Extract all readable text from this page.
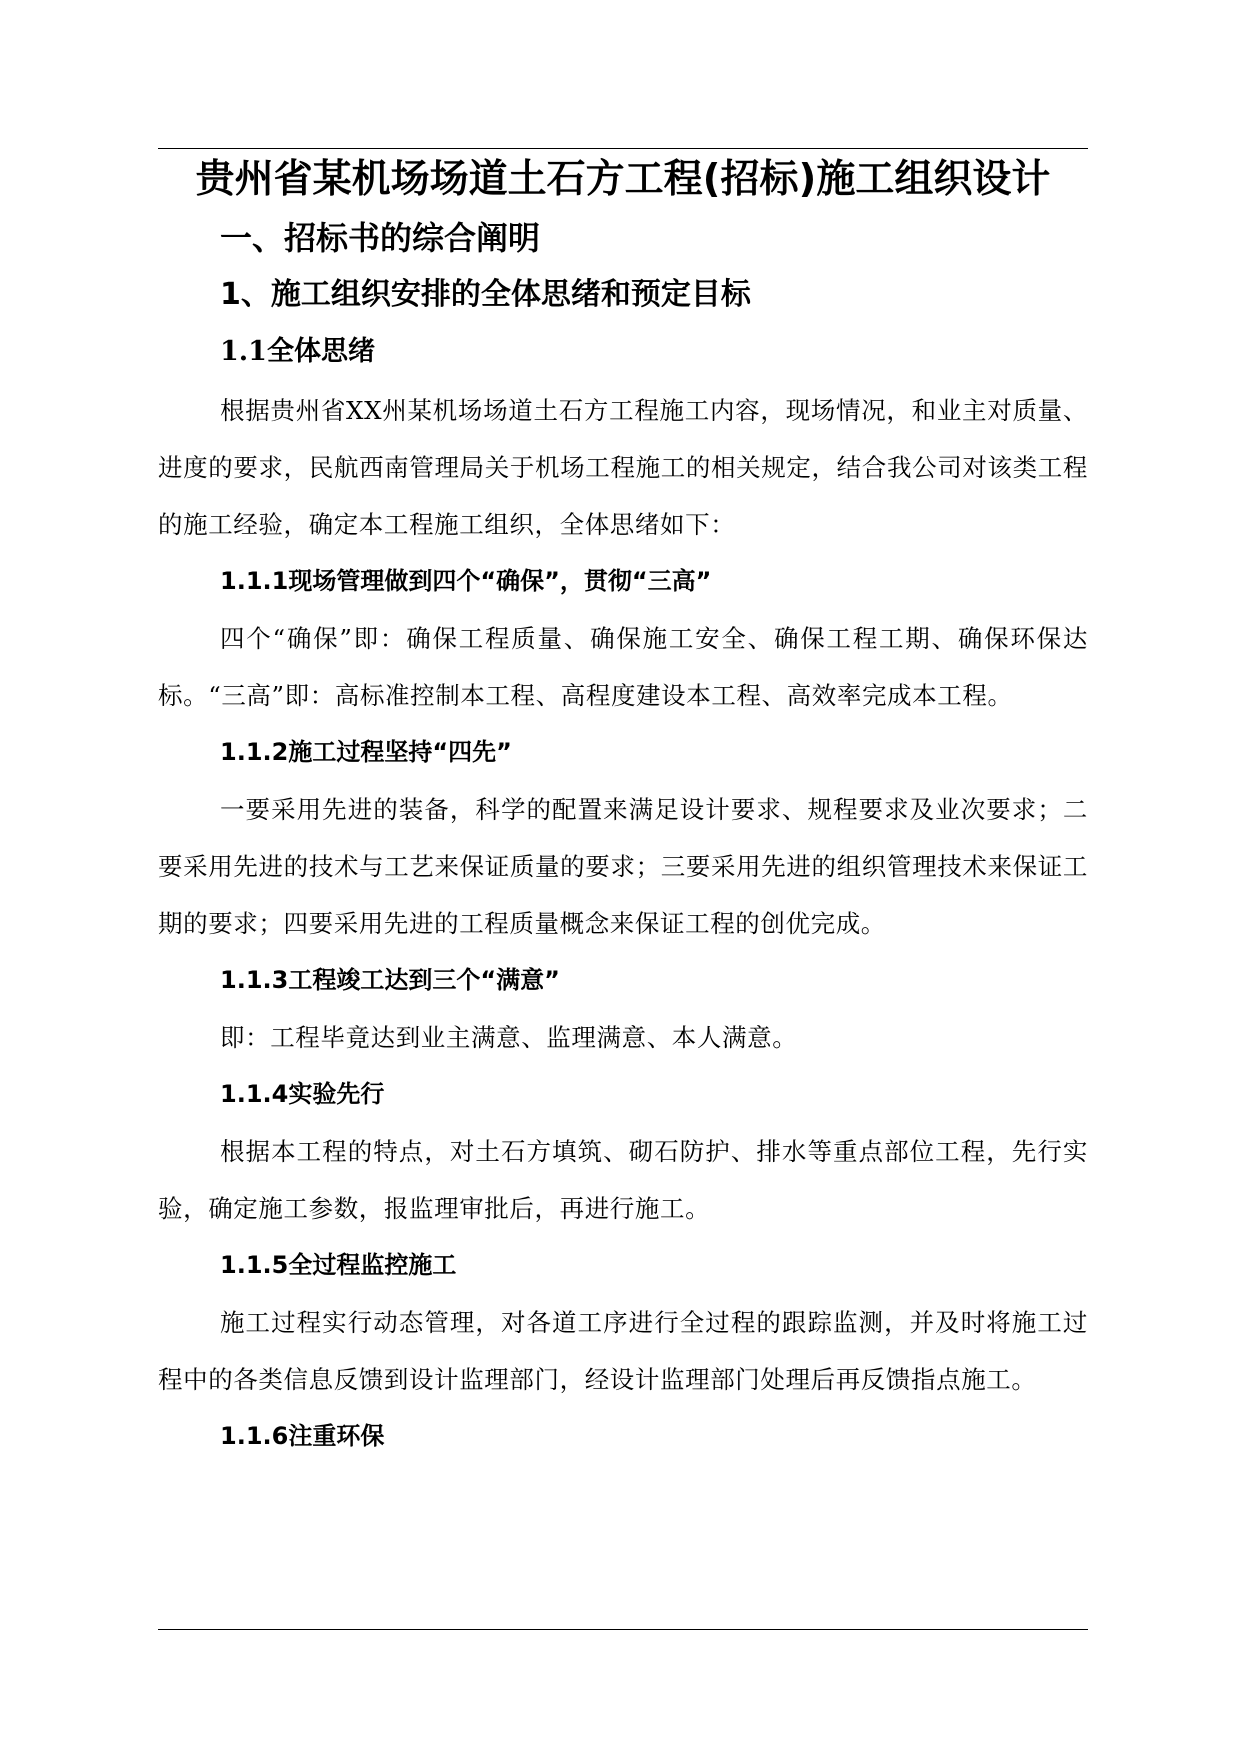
贵州省某机场场道土石方工程(招标)施工组织设计
一、招标书的综合阐明
1、施工组织安排的全体思绪和预定目标
1.1全体思绪

根据贵州省XX州某机场场道土石方工程施工内容，现场情况，和业主对质量、进度的要求，民航西南管理局关于机场工程施工的相关规定，结合我公司对该类工程的施工经验，确定本工程施工组织，全体思绪如下：

1.1.1现场管理做到四个“确保”，贯彻“三高”

四个“确保”即：确保工程质量、确保施工安全、确保工程工期、确保环保达标。“三高”即：高标准控制本工程、高程度建设本工程、高效率完成本工程。

1.1.2施工过程坚持“四先”

一要采用先进的装备，科学的配置来满足设计要求、规程要求及业次要求；二要采用先进的技术与工艺来保证质量的要求；三要采用先进的组织管理技术来保证工期的要求；四要采用先进的工程质量概念来保证工程的创优完成。

1.1.3工程竣工达到三个“满意”

即：工程毕竟达到业主满意、监理满意、本人满意。

1.1.4实验先行

根据本工程的特点，对土石方填筑、砌石防护、排水等重点部位工程，先行实验，确定施工参数，报监理审批后，再进行施工。

1.1.5全过程监控施工

施工过程实行动态管理，对各道工序进行全过程的跟踪监测，并及时将施工过程中的各类信息反馈到设计监理部门，经设计监理部门处理后再反馈指点施工。

1.1.6注重环保
